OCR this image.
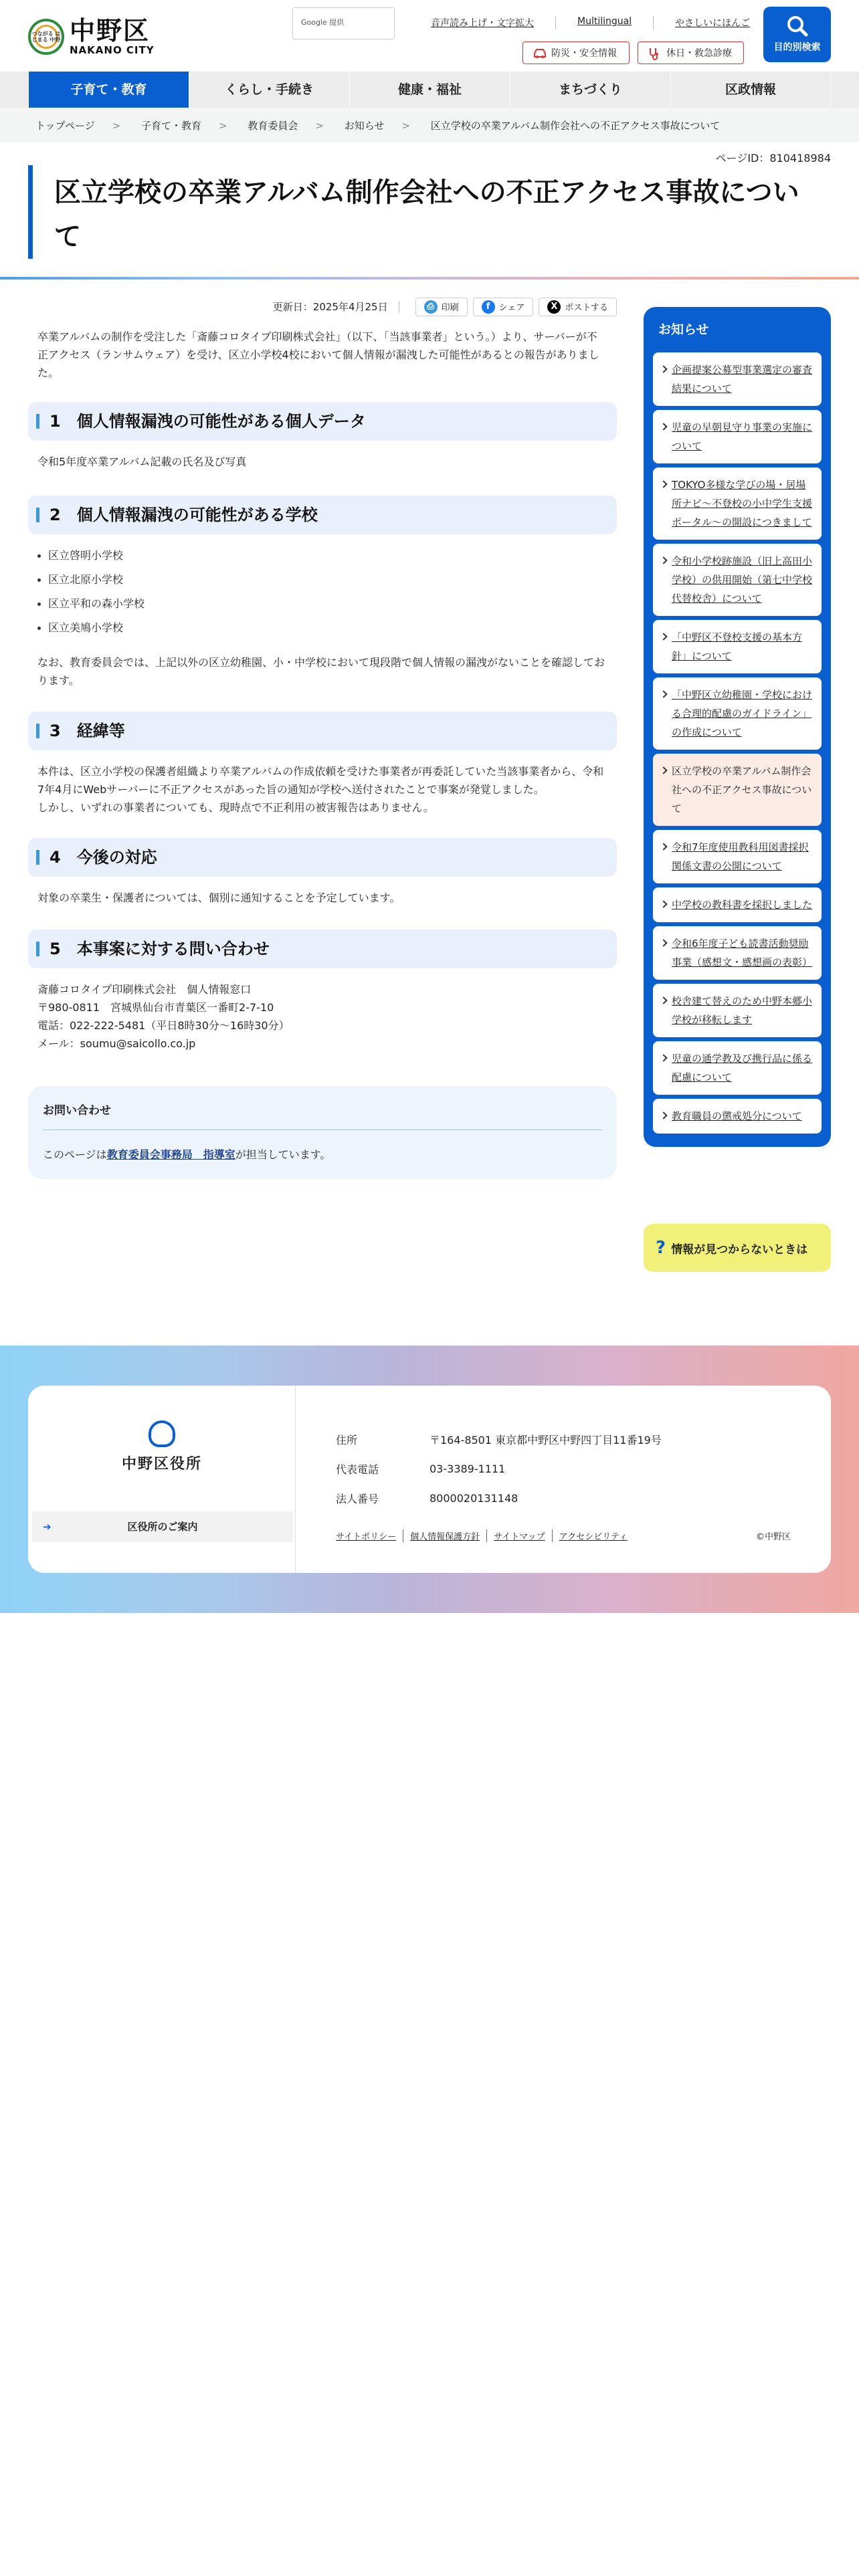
つながる はじまる 中野 中野区
NAKANO CITY
Google 提供	音声読み上げ・文字拡大	Multilingual	やさしいにほんご
防災・安全情報	休日・救急診療
目的別検索
子育て・教育	くらし・手続き	健康・福祉	まちづくり	区政情報
トップページ > 子育て・教育 > 教育委員会 > お知らせ > 区立学校の卒業アルバム制作会社への不正アクセス事故について
ページID：810418984
区立学校の卒業アルバム制作会社への不正アクセス事故について
更新日：2025年4月25日	⎙ 印刷	f	シェア	X ポストする

卒業アルバムの制作を受注した「斎藤コロタイプ印刷株式会社」（以下、「当該事業者」という。）より、サーバーが不正アクセス（ランサムウェア）を受け、区立小学校4校において個人情報が漏洩した可能性があるとの報告がありました。

1　個人情報漏洩の可能性がある個人データ

令和5年度卒業アルバム記載の氏名及び写真

2　個人情報漏洩の可能性がある学校
区立啓明小学校
区立北原小学校
区立平和の森小学校
区立美鳩小学校

なお、教育委員会では、上記以外の区立幼稚園、小・中学校において現段階で個人情報の漏洩がないことを確認しております。

3　経緯等

本件は、区立小学校の保護者組織より卒業アルバムの作成依頼を受けた事業者が再委託していた当該事業者から、令和7年4月にWebサーバーに不正アクセスがあった旨の通知が学校へ送付されたことで事案が発覚しました。

しかし、いずれの事業者についても、現時点で不正利用の被害報告はありません。

4　今後の対応

対象の卒業生・保護者については、個別に通知することを予定しています。

5　本事案に対する問い合わせ

斎藤コロタイプ印刷株式会社　個人情報窓口

〒980-0811　宮城県仙台市青葉区一番町2-7-10

電話：022-222-5481（平日8時30分〜16時30分）

メール：soumu@saicollo.co.jp

お問い合わせ
このページは教育委員会事務局　指導室が担当しています。
お知らせ
企画提案公募型事業選定の審査結果について
児童の早朝見守り事業の実施について
TOKYO多様な学びの場・居場所ナビ〜不登校の小中学生支援ポータル〜の開設につきまして
令和小学校跡施設（旧上高田小学校）の供用開始（第七中学校代替校舎）について
「中野区不登校支援の基本方針」について
「中野区立幼稚園・学校における合理的配慮のガイドライン」の作成について
区立学校の卒業アルバム制作会社への不正アクセス事故について
令和7年度使用教科用図書採択関係文書の公開について
中学校の教科書を採択しました
令和6年度子ども読書活動奨励事業（感想文・感想画の表彰）
校舎建て替えのため中野本郷小学校が移転します
児童の通学教及び携行品に係る配慮について
教育職員の懲戒処分について
? 情報が見つからないときは
中野区役所
➔	区役所のご案内
住所	〒164-8501 東京都中野区中野四丁目11番19号
代表電話	03-3389-1111
法人番号	8000020131148
サイトポリシー	個人情報保護方針	サイトマップ	アクセシビリティ	©中野区
